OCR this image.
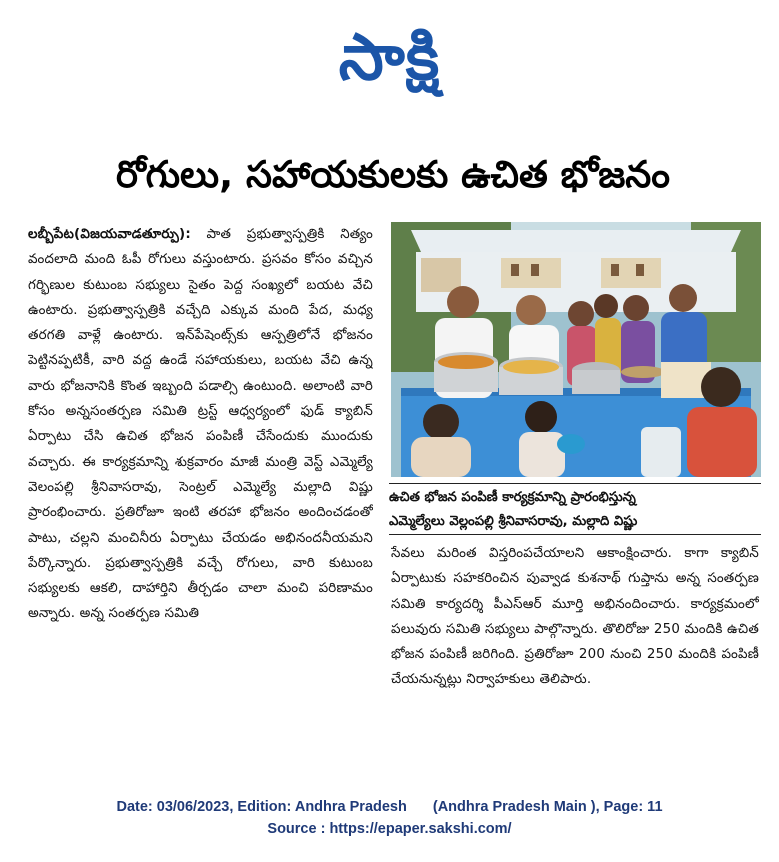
సాక్షి
రోగులు, సహాయకులకు ఉచిత భోజనం

లబ్బీపేట(విజయవాడతూర్పు): పాత ప్రభుత్వాస్పత్రికి నిత్యం వందలాది మంది ఓపీ రోగులు వస్తుంటారు. ప్రసవం కోసం వచ్చిన గర్భిణుల కుటుంబ సభ్యులు సైతం పెద్ద సంఖ్యలో బయట వేచి ఉంటారు. ప్రభుత్వాస్పత్రికి వచ్చేది ఎక్కువ మంది పేద, మధ్య తరగతి వాళ్లే ఉంటారు. ఇన్‌పేషెంట్స్‌కు ఆస్పత్రిలోనే భోజనం పెట్టినప్పటికీ, వారి వద్ద ఉండే సహాయకులు, బయట వేచి ఉన్న వారు భోజనానికి కొంత ఇబ్బంది పడాల్సి ఉంటుంది. అలాంటి వారి కోసం అన్నసంతర్పణ సమితి ట్రస్ట్ ఆధ్వర్యంలో ఫుడ్ క్యాబిన్ ఏర్పాటు చేసి ఉచిత భోజన పంపిణీ చేసేందుకు ముందుకు వచ్చారు. ఈ కార్యక్రమాన్ని శుక్రవారం మాజీ మంత్రి వెస్ట్ ఎమ్మెల్యే వెలంపల్లి శ్రీనివాసరావు, సెంట్రల్ ఎమ్మెల్యే మల్లాది విష్ణు ప్రారంభించారు. ప్రతిరోజూ ఇంటి తరహా భోజనం అందించడంతో పాటు, చల్లని మంచినీరు ఏర్పాటు చేయడం అభినందనీయమని పేర్కొన్నారు. ప్రభుత్వాస్పత్రికి వచ్చే రోగులు, వారి కుటుంబ సభ్యులకు ఆకలి, దాహార్తిని తీర్చడం చాలా మంచి పరిణామం అన్నారు. అన్న సంతర్పణ సమితి

ఉచిత భోజన పంపిణీ కార్యక్రమాన్ని ప్రారంభిస్తున్న
ఎమ్మెల్యేలు వెల్లంపల్లి శ్రీనివాసరావు, మల్లాది విష్ణు

సేవలు మరింత విస్తరింపచేయాలని ఆకాంక్షించారు. కాగా క్యాబిన్ ఏర్పాటుకు సహకరించిన పువ్వాడ కుశనాథ్ గుప్తాను అన్న సంతర్పణ సమితి కార్యదర్శి పీఎస్ఆర్ మూర్తి అభినందించారు. కార్యక్రమంలో పలువురు సమితి సభ్యులు పాల్గొన్నారు. తొలిరోజు 250 మందికి ఉచిత భోజన పంపిణీ జరిగింది. ప్రతిరోజూ 200 నుంచి 250 మందికి పంపిణీ చేయనున్నట్లు నిర్వాహకులు తెలిపారు.

Date: 03/06/2023, Edition: Andhra Pradesh (Andhra Pradesh Main ), Page: 11
Source : https://epaper.sakshi.com/
